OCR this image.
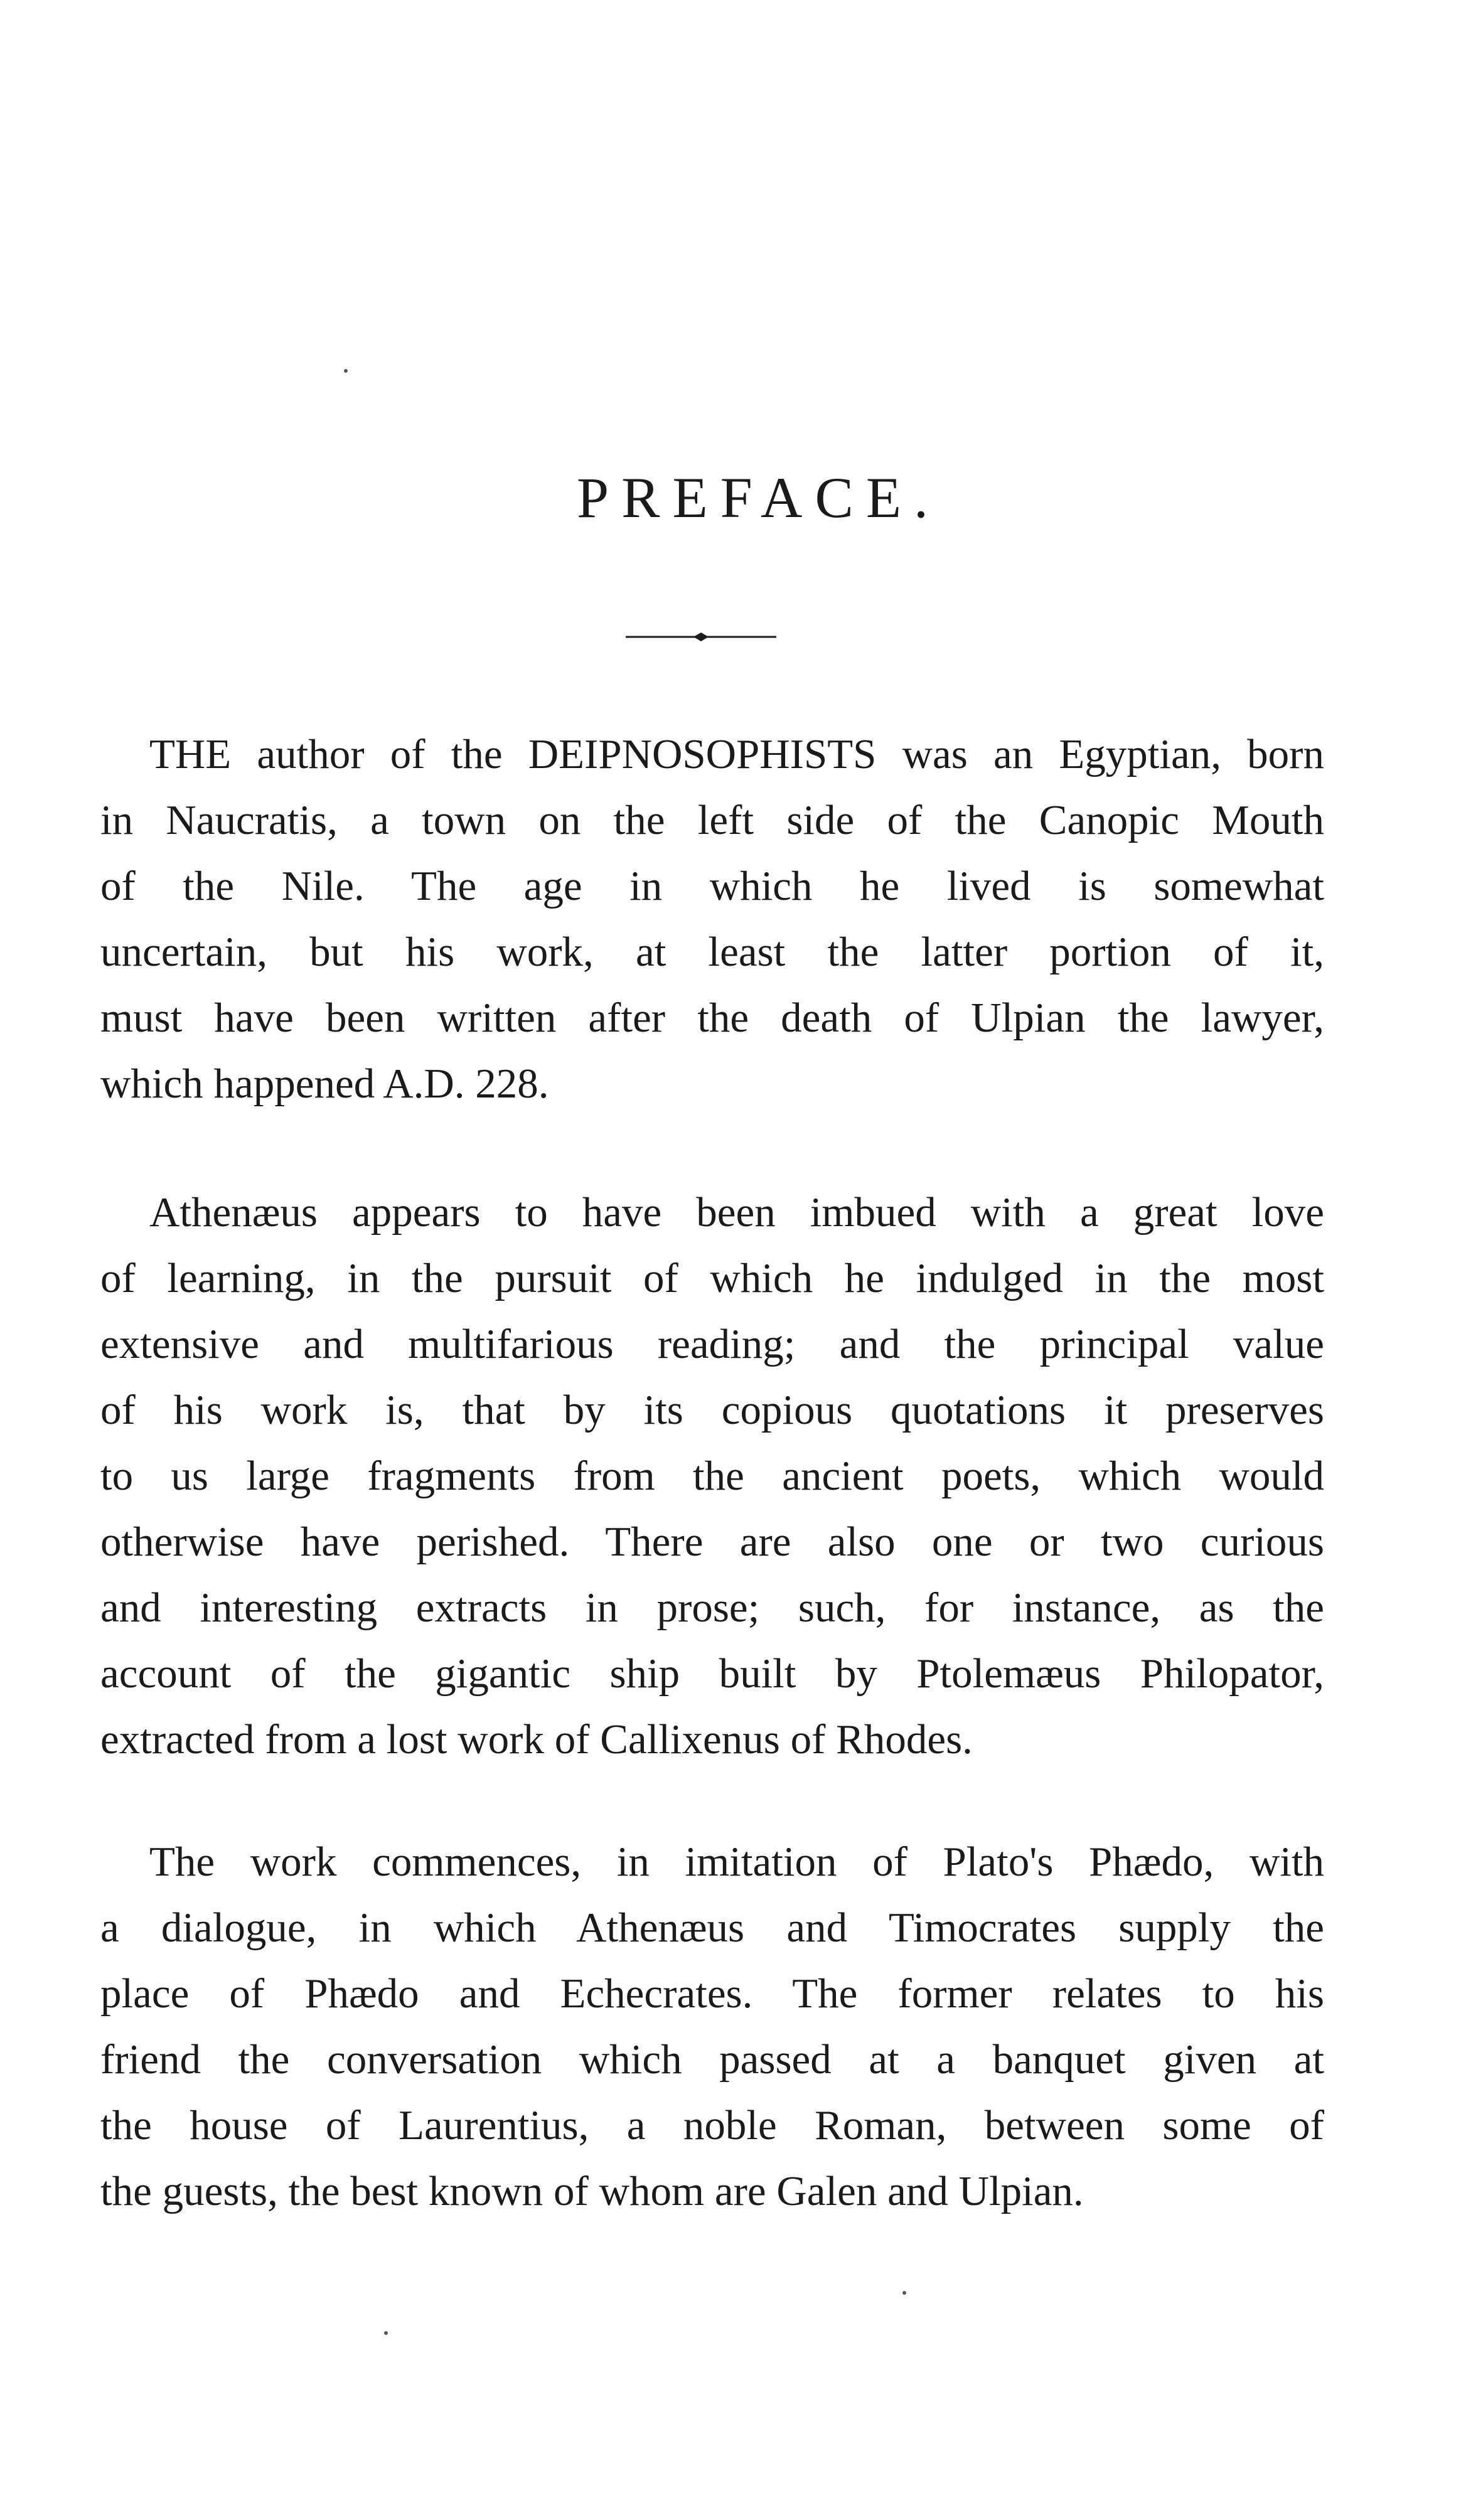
PREFACE.
THE author of the DEIPNOSOPHISTS was an Egyptian, born
in Naucratis, a town on the left side of the Canopic Mouth
of the Nile. The age in which he lived is somewhat
uncertain, but his work, at least the latter portion of it,
must have been written after the death of Ulpian the lawyer,
which happened A.D. 228.
Athenæus appears to have been imbued with a great love
of learning, in the pursuit of which he indulged in the most
extensive and multifarious reading; and the principal value
of his work is, that by its copious quotations it preserves
to us large fragments from the ancient poets, which would
otherwise have perished. There are also one or two curious
and interesting extracts in prose; such, for instance, as the
account of the gigantic ship built by Ptolemæus Philopator,
extracted from a lost work of Callixenus of Rhodes.
The work commences, in imitation of Plato's Phædo, with
a dialogue, in which Athenæus and Timocrates supply the
place of Phædo and Echecrates. The former relates to his
friend the conversation which passed at a banquet given at
the house of Laurentius, a noble Roman, between some of
the guests, the best known of whom are Galen and Ulpian.
